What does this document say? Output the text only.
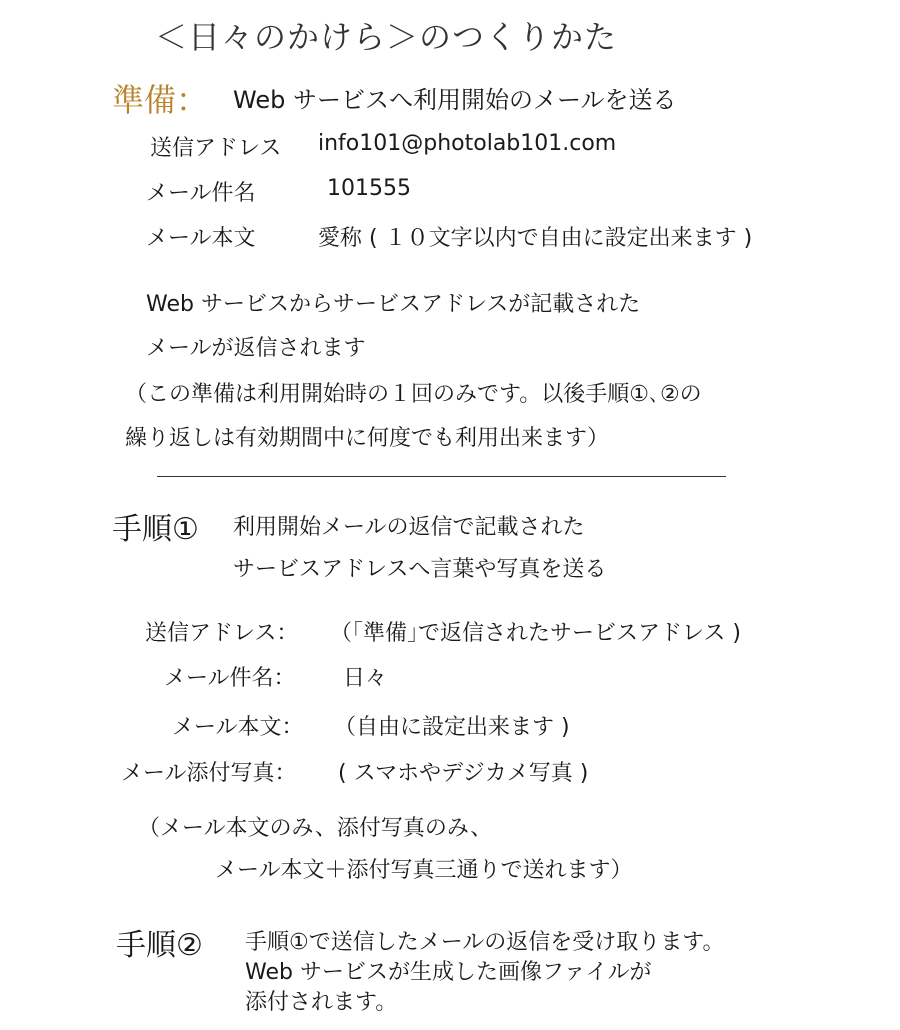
＜日々のかけら＞のつくりかた
準備： Web サービスへ利用開始のメールを送る
送信アドレス info101@photolab101.com
メール件名	101555
メール本文	愛称 ( １０文字以内で自由に設定出来ます )
Web サービスからサービスアドレスが記載された
メールが返信されます
（この準備は利用開始時の１回のみです。以後手順①､②の
繰り返しは有効期間中に何度でも利用出来ます）
手順① 利用開始メールの返信で記載された
サービスアドレスへ言葉や写真を送る
送信アドレス： （｢準備｣で返信されたサービスアドレス )
メール件名： 日々
メール本文： （自由に設定出来ます )
メール添付写真： ( スマホやデジカメ写真 )
（メール本文のみ、添付写真のみ、
メール本文＋添付写真三通りで送れます）
手順② 手順①で送信したメールの返信を受け取ります。
Web サービスが生成した画像ファイルが
添付されます。
